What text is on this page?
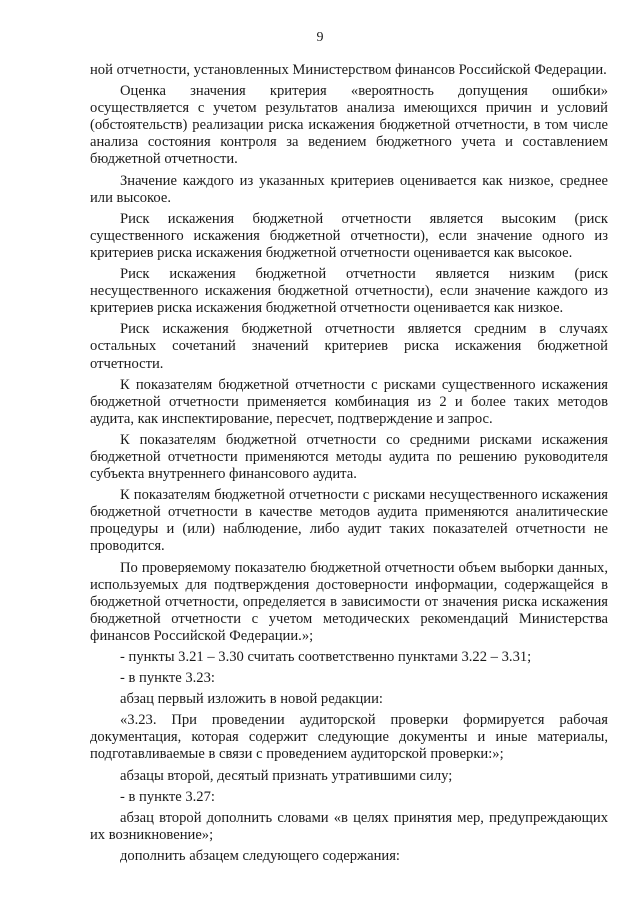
9

ной отчетности, установленных Министерством финансов Российской Федерации.

Оценка значения критерия «вероятность допущения ошибки» осуществляется с учетом результатов анализа имеющихся причин и условий (обстоятельств) реализации риска искажения бюджетной отчетности, в том числе анализа состояния контроля за ведением бюджетного учета и составлением бюджетной отчетности.

Значение каждого из указанных критериев оценивается как низкое, среднее или высокое.

Риск искажения бюджетной отчетности является высоким (риск существенного искажения бюджетной отчетности), если значение одного из критериев риска искажения бюджетной отчетности оценивается как высокое.

Риск искажения бюджетной отчетности является низким (риск несущественного искажения бюджетной отчетности), если значение каждого из критериев риска искажения бюджетной отчетности оценивается как низкое.

Риск искажения бюджетной отчетности является средним в случаях остальных сочетаний значений критериев риска искажения бюджетной отчетности.

К показателям бюджетной отчетности с рисками существенного искажения бюджетной отчетности применяется комбинация из 2 и более таких методов аудита, как инспектирование, пересчет, подтверждение и запрос.

К показателям бюджетной отчетности со средними рисками искажения бюджетной отчетности применяются методы аудита по решению руководителя субъекта внутреннего финансового аудита.

К показателям бюджетной отчетности с рисками несущественного искажения бюджетной отчетности в качестве методов аудита применяются аналитические процедуры и (или) наблюдение, либо аудит таких показателей отчетности не проводится.

По проверяемому показателю бюджетной отчетности объем выборки данных, используемых для подтверждения достоверности информации, содержащейся в бюджетной отчетности, определяется в зависимости от значения риска искажения бюджетной отчетности с учетом методических рекомендаций Министерства финансов Российской Федерации.»;

- пункты 3.21 – 3.30 считать соответственно пунктами 3.22 – 3.31;

- в пункте 3.23:

абзац первый изложить в новой редакции:

«3.23. При проведении аудиторской проверки формируется рабочая документация, которая содержит следующие документы и иные материалы, подготавливаемые в связи с проведением аудиторской проверки:»;

абзацы второй, десятый признать утратившими силу;

- в пункте 3.27:

абзац второй дополнить словами «в целях принятия мер, предупреждающих их возникновение»;

дополнить абзацем следующего содержания:
